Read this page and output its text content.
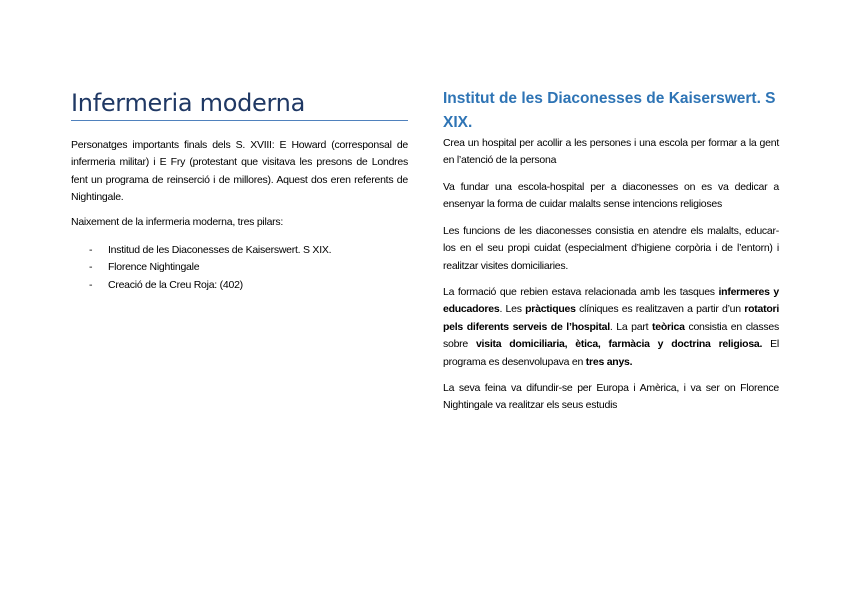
Infermeria moderna

Personatges importants finals dels S. XVIII: E Howard (corresponsal de infermeria militar) i E Fry (protestant que visitava les presons de Londres fent un programa de reinserció i de millores). Aquest dos eren referents de Nightingale.

Naixement de la infermeria moderna, tres pilars:

- Institud de les Diaconesses de Kaiserswert. S XIX.
- Florence Nightingale
- Creació de la Creu Roja: (402)
Institut de les Diaconesses de Kaiserswert. S XIX.

Crea un hospital per acollir a les persones i una escola per formar a la gent en l’atenció de la persona

Va fundar una escola-hospital per a diaconesses on es va dedicar a ensenyar la forma de cuidar malalts sense intencions religioses

Les funcions de les diaconesses consistia en atendre els malalts, educar-los en el seu propi cuidat (especialment d’higiene corpòria i de l’entorn) i realitzar visites domiciliaries.

La formació que rebien estava relacionada amb les tasques infermeres y educadores. Les pràctiques clíniques es realitzaven a partir d’un rotatori pels diferents serveis de l’hospital. La part teòrica consistia en classes sobre visita domiciliaria, ètica, farmàcia y doctrina religiosa. El programa es desenvolupava en tres anys.

La seva feina va difundir-se per Europa i Amèrica, i va ser on Florence Nightingale va realitzar els seus estudis
